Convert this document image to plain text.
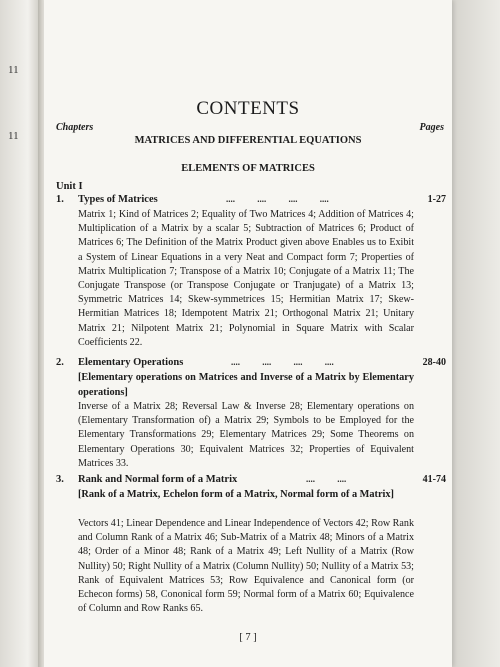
11
11
CONTENTS
Chapters	Pages
MATRICES AND DIFFERENTIAL EQUATIONS
ELEMENTS OF MATRICES
Unit I
1. Types of Matrices	.... .... .... ....	1-27
Matrix 1; Kind of Matrices 2; Equality of Two Matrices 4; Addition of Matrices 4; Multiplication of a Matrix by a scalar 5; Subtraction of Matrices 6; Product of Matrices 6; The Definition of the Matrix Product given above Enables us to Exibit a System of Linear Equations in a very Neat and Compact form 7; Properties of Matrix Multiplication 7; Transpose of a Matrix 10; Conjugate of a Matrix 11; The Conjugate Transpose (or Transpose Conjugate or Tranjugate) of a Matrix 13; Symmetric Matrices 14; Skew-symmetrices 15; Hermitian Matrix 17; Skew-Hermitian Matrices 18; Idempotent Matrix 21; Orthogonal Matrix 21; Unitary Matrix 21; Nilpotent Matrix 21; Polynomial in Square Matrix with Scalar Coefficients 22.
2. Elementary Operations	.... .... .... ....	28-40
[Elementary operations on Matrices and Inverse of a Matrix by Elementary operations]
Inverse of a Matrix 28; Reversal Law & Inverse 28; Elementary operations on (Elementary Transformation of) a Matrix 29; Symbols to be Employed for the Elementary Transformations 29; Elementary Matrices 29; Some Theorems on Elementary Operations 30; Equivalent Matrices 32; Properties of Equivalent Matrices 33.
3. Rank and Normal form of a Matrix	.... ....	41-74
[Rank of a Matrix, Echelon form of a Matrix, Normal form of a Matrix]
Vectors 41; Linear Dependence and Linear Independence of Vectors 42; Row Rank and Column Rank of a Matrix 46; Sub-Matrix of a Matrix 48; Minors of a Matrix 48; Order of a Minor 48; Rank of a Matrix 49; Left Nullity of a Matrix (Row Nullity) 50; Right Nullity of a Matrix (Column Nullity) 50; Nullity of a Matrix 53; Rank of Equivalent Matrices 53; Row Equivalence and Canonical form (or Echecon forms) 58, Cononical form 59; Normal form of a Matrix 60; Equivalence of Column and Row Ranks 65.
[ 7 ]
